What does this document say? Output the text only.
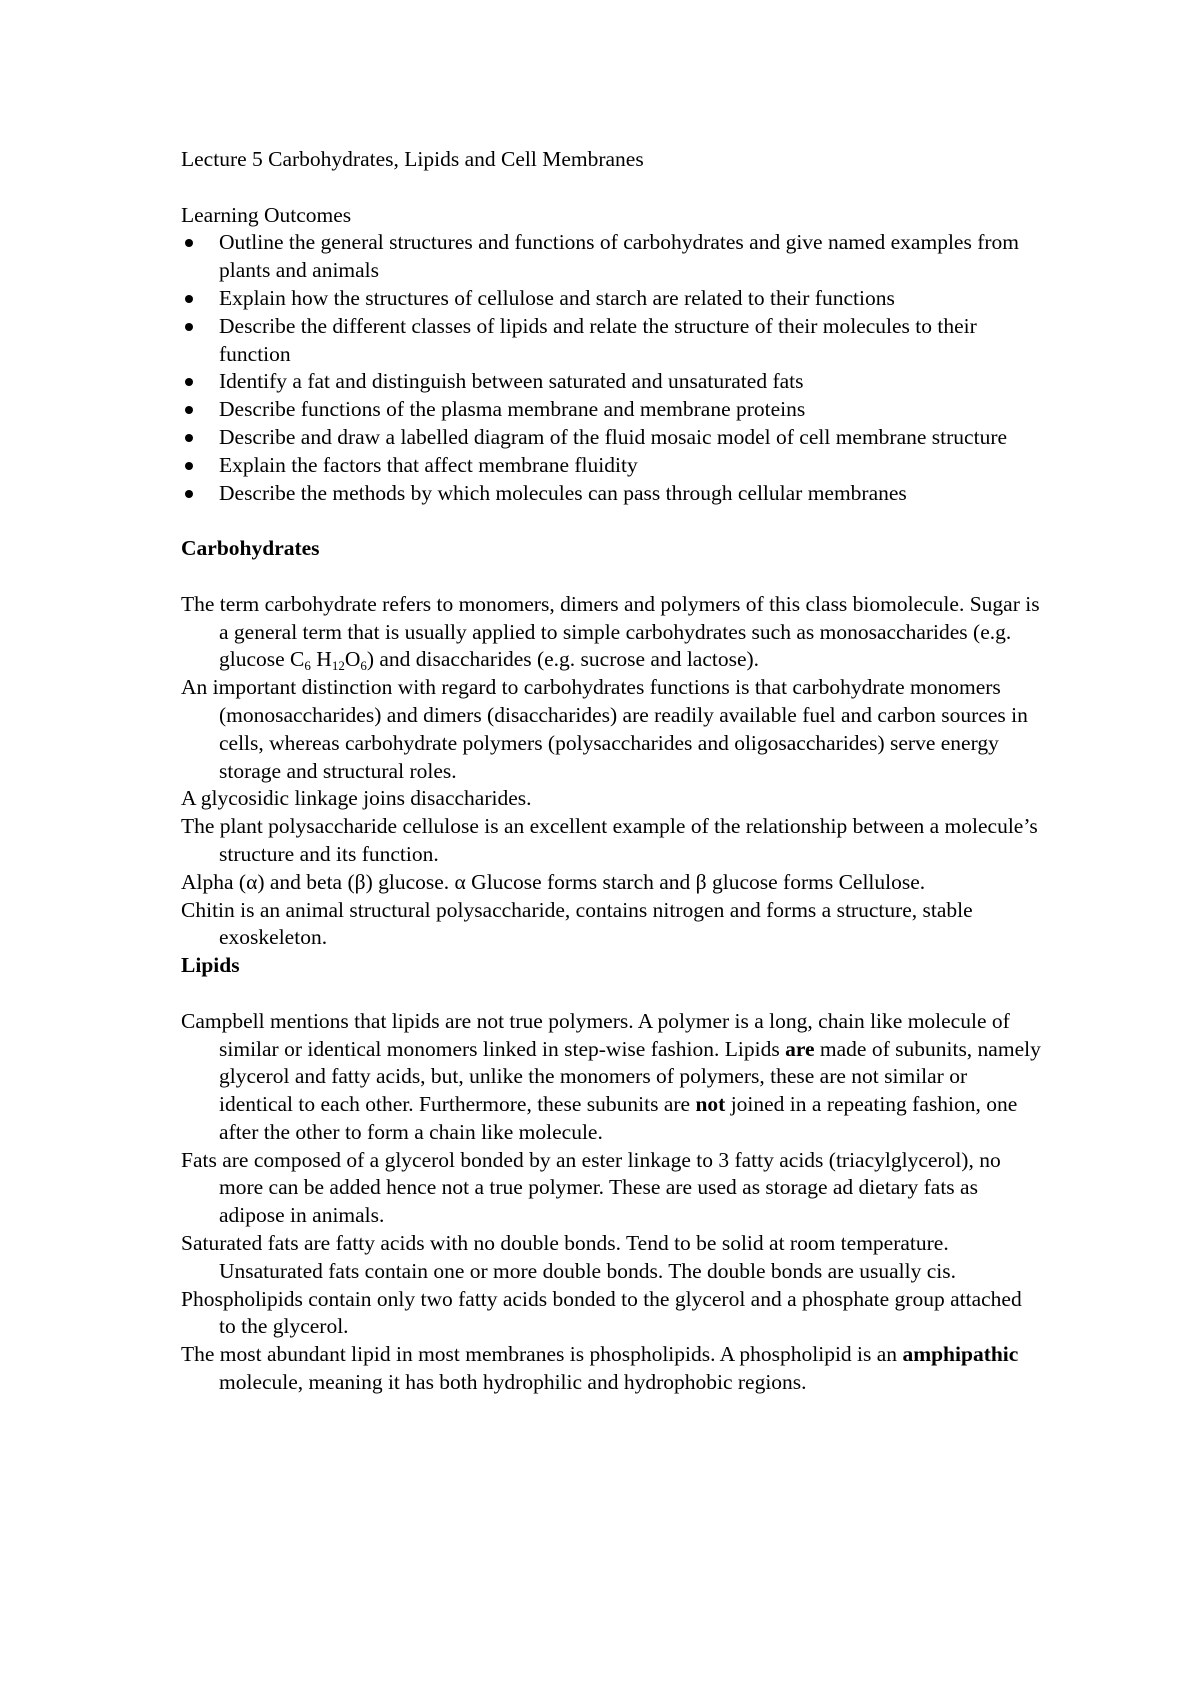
Lecture 5 Carbohydrates, Lipids and Cell Membranes
Learning Outcomes
Outline the general structures and functions of carbohydrates and give named examples from plants and animals
Explain how the structures of cellulose and starch are related to their functions
Describe the different classes of lipids and relate the structure of their molecules to their function
Identify a fat and distinguish between saturated and unsaturated fats
Describe functions of the plasma membrane and membrane proteins
Describe and draw a labelled diagram of the fluid mosaic model of cell membrane structure
Explain the factors that affect membrane fluidity
Describe the methods by which molecules can pass through cellular membranes
Carbohydrates

The term carbohydrate refers to monomers, dimers and polymers of this class biomolecule. Sugar is a general term that is usually applied to simple carbohydrates such as monosaccharides (e.g. glucose $C_6$ $H_{12}O_6$) and disaccharides (e.g. sucrose and lactose).

An important distinction with regard to carbohydrates functions is that carbohydrate monomers (monosaccharides) and dimers (disaccharides) are readily available fuel and carbon sources in cells, whereas carbohydrate polymers (polysaccharides and oligosaccharides) serve energy storage and structural roles.

A glycosidic linkage joins disaccharides.

The plant polysaccharide cellulose is an excellent example of the relationship between a molecule’s structure and its function.

Alpha (α) and beta (β) glucose. α Glucose forms starch and β glucose forms Cellulose.

Chitin is an animal structural polysaccharide, contains nitrogen and forms a structure, stable exoskeleton.

Lipids

Campbell mentions that lipids are not true polymers. A polymer is a long, chain like molecule of similar or identical monomers linked in step-wise fashion. Lipids are made of subunits, namely glycerol and fatty acids, but, unlike the monomers of polymers, these are not similar or identical to each other. Furthermore, these subunits are not joined in a repeating fashion, one after the other to form a chain like molecule.

Fats are composed of a glycerol bonded by an ester linkage to 3 fatty acids (triacylglycerol), no more can be added hence not a true polymer. These are used as storage ad dietary fats as adipose in animals.

Saturated fats are fatty acids with no double bonds. Tend to be solid at room temperature. Unsaturated fats contain one or more double bonds. The double bonds are usually cis.

Phospholipids contain only two fatty acids bonded to the glycerol and a phosphate group attached to the glycerol.

The most abundant lipid in most membranes is phospholipids. A phospholipid is an amphipathic molecule, meaning it has both hydrophilic and hydrophobic regions.
